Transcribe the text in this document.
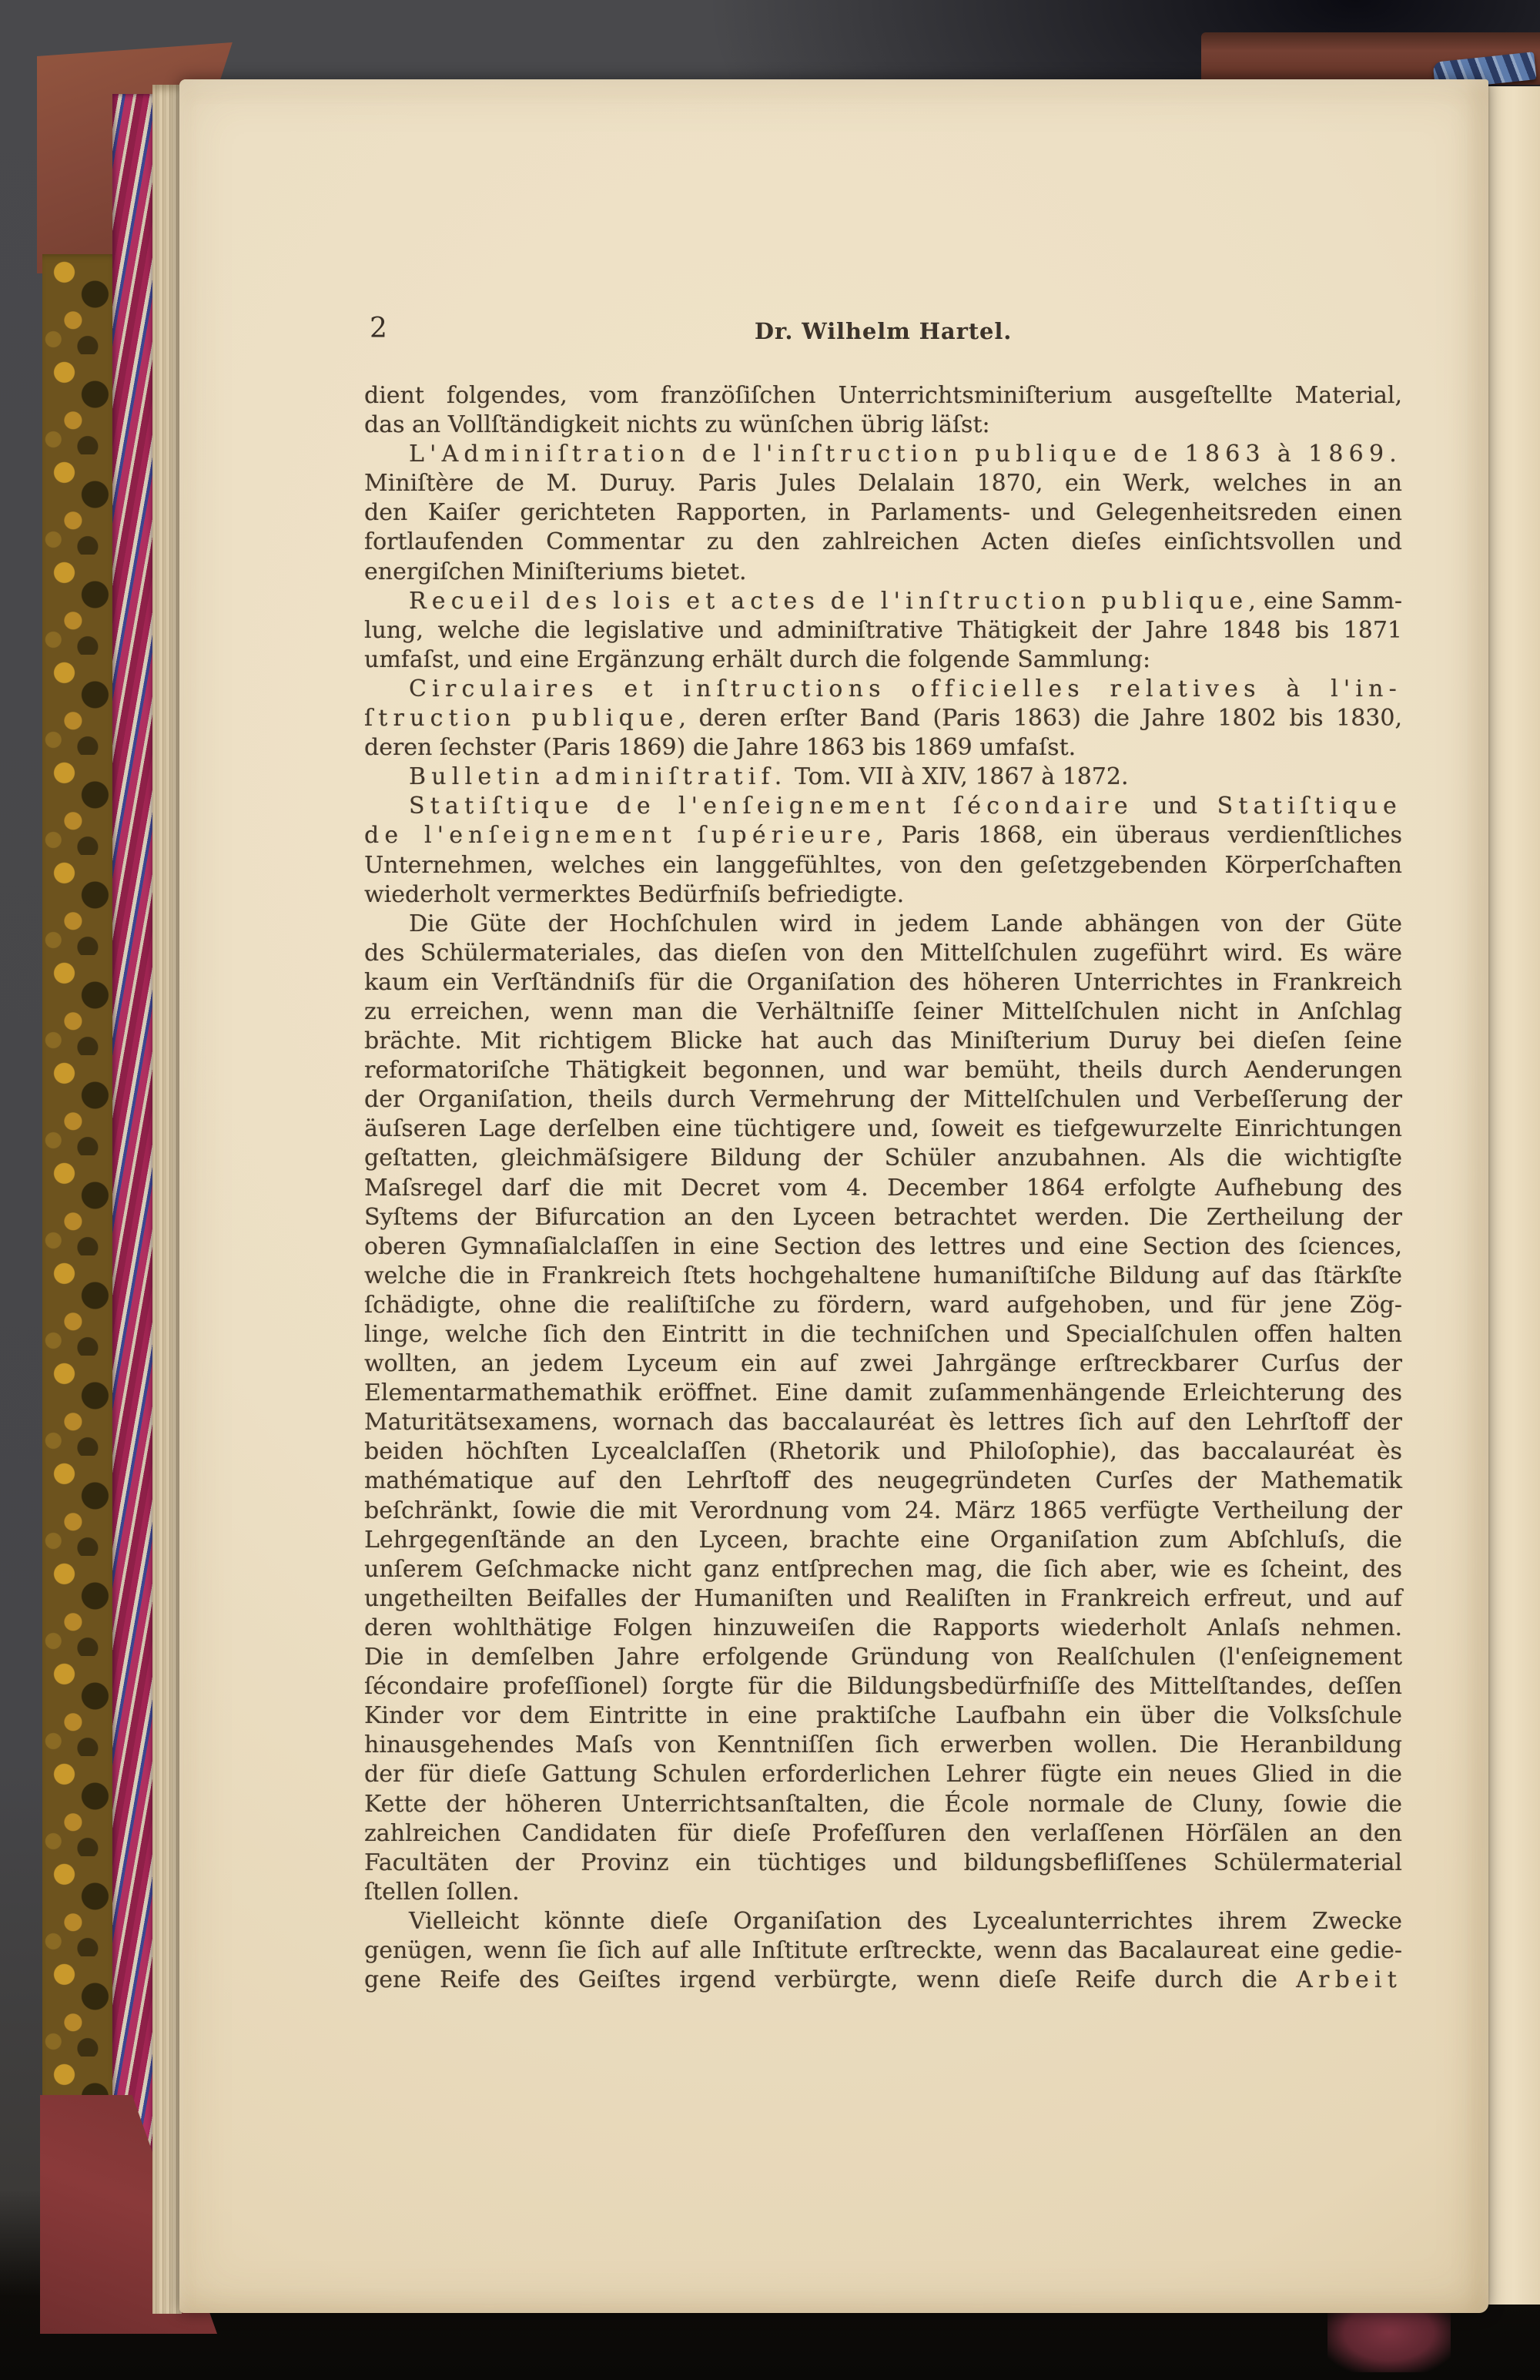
2	Dr. Wilhelm Hartel.
dient folgendes, vom franzöſiſchen Unterrichtsminiſterium ausgeſtellte Material,
das an Vollſtändigkeit nichts zu wünſchen übrig läſst:
L'Adminiſtration de l'inſtruction publique de 1863 à 1869.
Miniſtère de M. Duruy. Paris Jules Delalain 1870, ein Werk, welches in an
den Kaiſer gerichteten Rapporten, in Parlaments- und Gelegenheitsreden einen
fortlaufenden Commentar zu den zahlreichen Acten dieſes einſichtsvollen und
energiſchen Miniſteriums bietet.
Recueil des lois et actes de l'inſtruction publique, eine Samm-
lung, welche die legislative und adminiſtrative Thätigkeit der Jahre 1848 bis 1871
umfaſst, und eine Ergänzung erhält durch die folgende Sammlung:
Circulaires et inſtructions officielles relatives à l'in-
ſtruction publique, deren erſter Band (Paris 1863) die Jahre 1802 bis 1830,
deren ſechster (Paris 1869) die Jahre 1863 bis 1869 umfaſst.
Bulletin adminiſtratif. Tom. VII à XIV, 1867 à 1872.
Statiſtique de l'enſeignement ſécondaire und Statiſtique
de l'enſeignement ſupérieure, Paris 1868, ein überaus verdienſtliches
Unternehmen, welches ein langgefühltes, von den geſetzgebenden Körperſchaften
wiederholt vermerktes Bedürfniſs befriedigte.
Die Güte der Hochſchulen wird in jedem Lande abhängen von der Güte
des Schülermateriales, das dieſen von den Mittelſchulen zugeführt wird. Es wäre
kaum ein Verſtändniſs für die Organiſation des höheren Unterrichtes in Frankreich
zu erreichen, wenn man die Verhältniſſe ſeiner Mittelſchulen nicht in Anſchlag
brächte. Mit richtigem Blicke hat auch das Miniſterium Duruy bei dieſen ſeine
reformatoriſche Thätigkeit begonnen, und war bemüht, theils durch Aenderungen
der Organiſation, theils durch Vermehrung der Mittelſchulen und Verbeſſerung der
äuſseren Lage derſelben eine tüchtigere und, ſoweit es tiefgewurzelte Einrichtungen
geſtatten, gleichmäſsigere Bildung der Schüler anzubahnen. Als die wichtigſte
Maſsregel darf die mit Decret vom 4. December 1864 erfolgte Aufhebung des
Syſtems der Bifurcation an den Lyceen betrachtet werden. Die Zertheilung der
oberen Gymnaſialclaſſen in eine Section des lettres und eine Section des ſciences,
welche die in Frankreich ſtets hochgehaltene humaniſtiſche Bildung auf das ſtärkſte
ſchädigte, ohne die realiſtiſche zu fördern, ward aufgehoben, und für jene Zög-
linge, welche ſich den Eintritt in die techniſchen und Specialſchulen offen halten
wollten, an jedem Lyceum ein auf zwei Jahrgänge erſtreckbarer Curſus der
Elementarmathemathik eröffnet. Eine damit zuſammenhängende Erleichterung des
Maturitätsexamens, wornach das baccalauréat ès lettres ſich auf den Lehrſtoff der
beiden höchſten Lycealclaſſen (Rhetorik und Philoſophie), das baccalauréat ès
mathématique auf den Lehrſtoff des neugegründeten Curſes der Mathematik
beſchränkt, ſowie die mit Verordnung vom 24. März 1865 verfügte Vertheilung der
Lehrgegenſtände an den Lyceen, brachte eine Organiſation zum Abſchluſs, die
unſerem Geſchmacke nicht ganz entſprechen mag, die ſich aber, wie es ſcheint, des
ungetheilten Beifalles der Humaniſten und Realiſten in Frankreich erfreut, und auf
deren wohlthätige Folgen hinzuweiſen die Rapports wiederholt Anlaſs nehmen.
Die in demſelben Jahre erfolgende Gründung von Realſchulen (l'enſeignement
ſécondaire profeſſionel) ſorgte für die Bildungsbedürfniſſe des Mittelſtandes, deſſen
Kinder vor dem Eintritte in eine praktiſche Laufbahn ein über die Volksſchule
hinausgehendes Maſs von Kenntniſſen ſich erwerben wollen. Die Heranbildung
der für dieſe Gattung Schulen erforderlichen Lehrer fügte ein neues Glied in die
Kette der höheren Unterrichtsanſtalten, die École normale de Cluny, ſowie die
zahlreichen Candidaten für dieſe Profeſſuren den verlaſſenen Hörſälen an den
Facultäten der Provinz ein tüchtiges und bildungsbefliſſenes Schülermaterial
ſtellen ſollen.
Vielleicht könnte dieſe Organiſation des Lycealunterrichtes ihrem Zwecke
genügen, wenn ſie ſich auf alle Inſtitute erſtreckte, wenn das Bacalaureat eine gedie-
gene Reife des Geiſtes irgend verbürgte, wenn dieſe Reife durch die Arbeit
